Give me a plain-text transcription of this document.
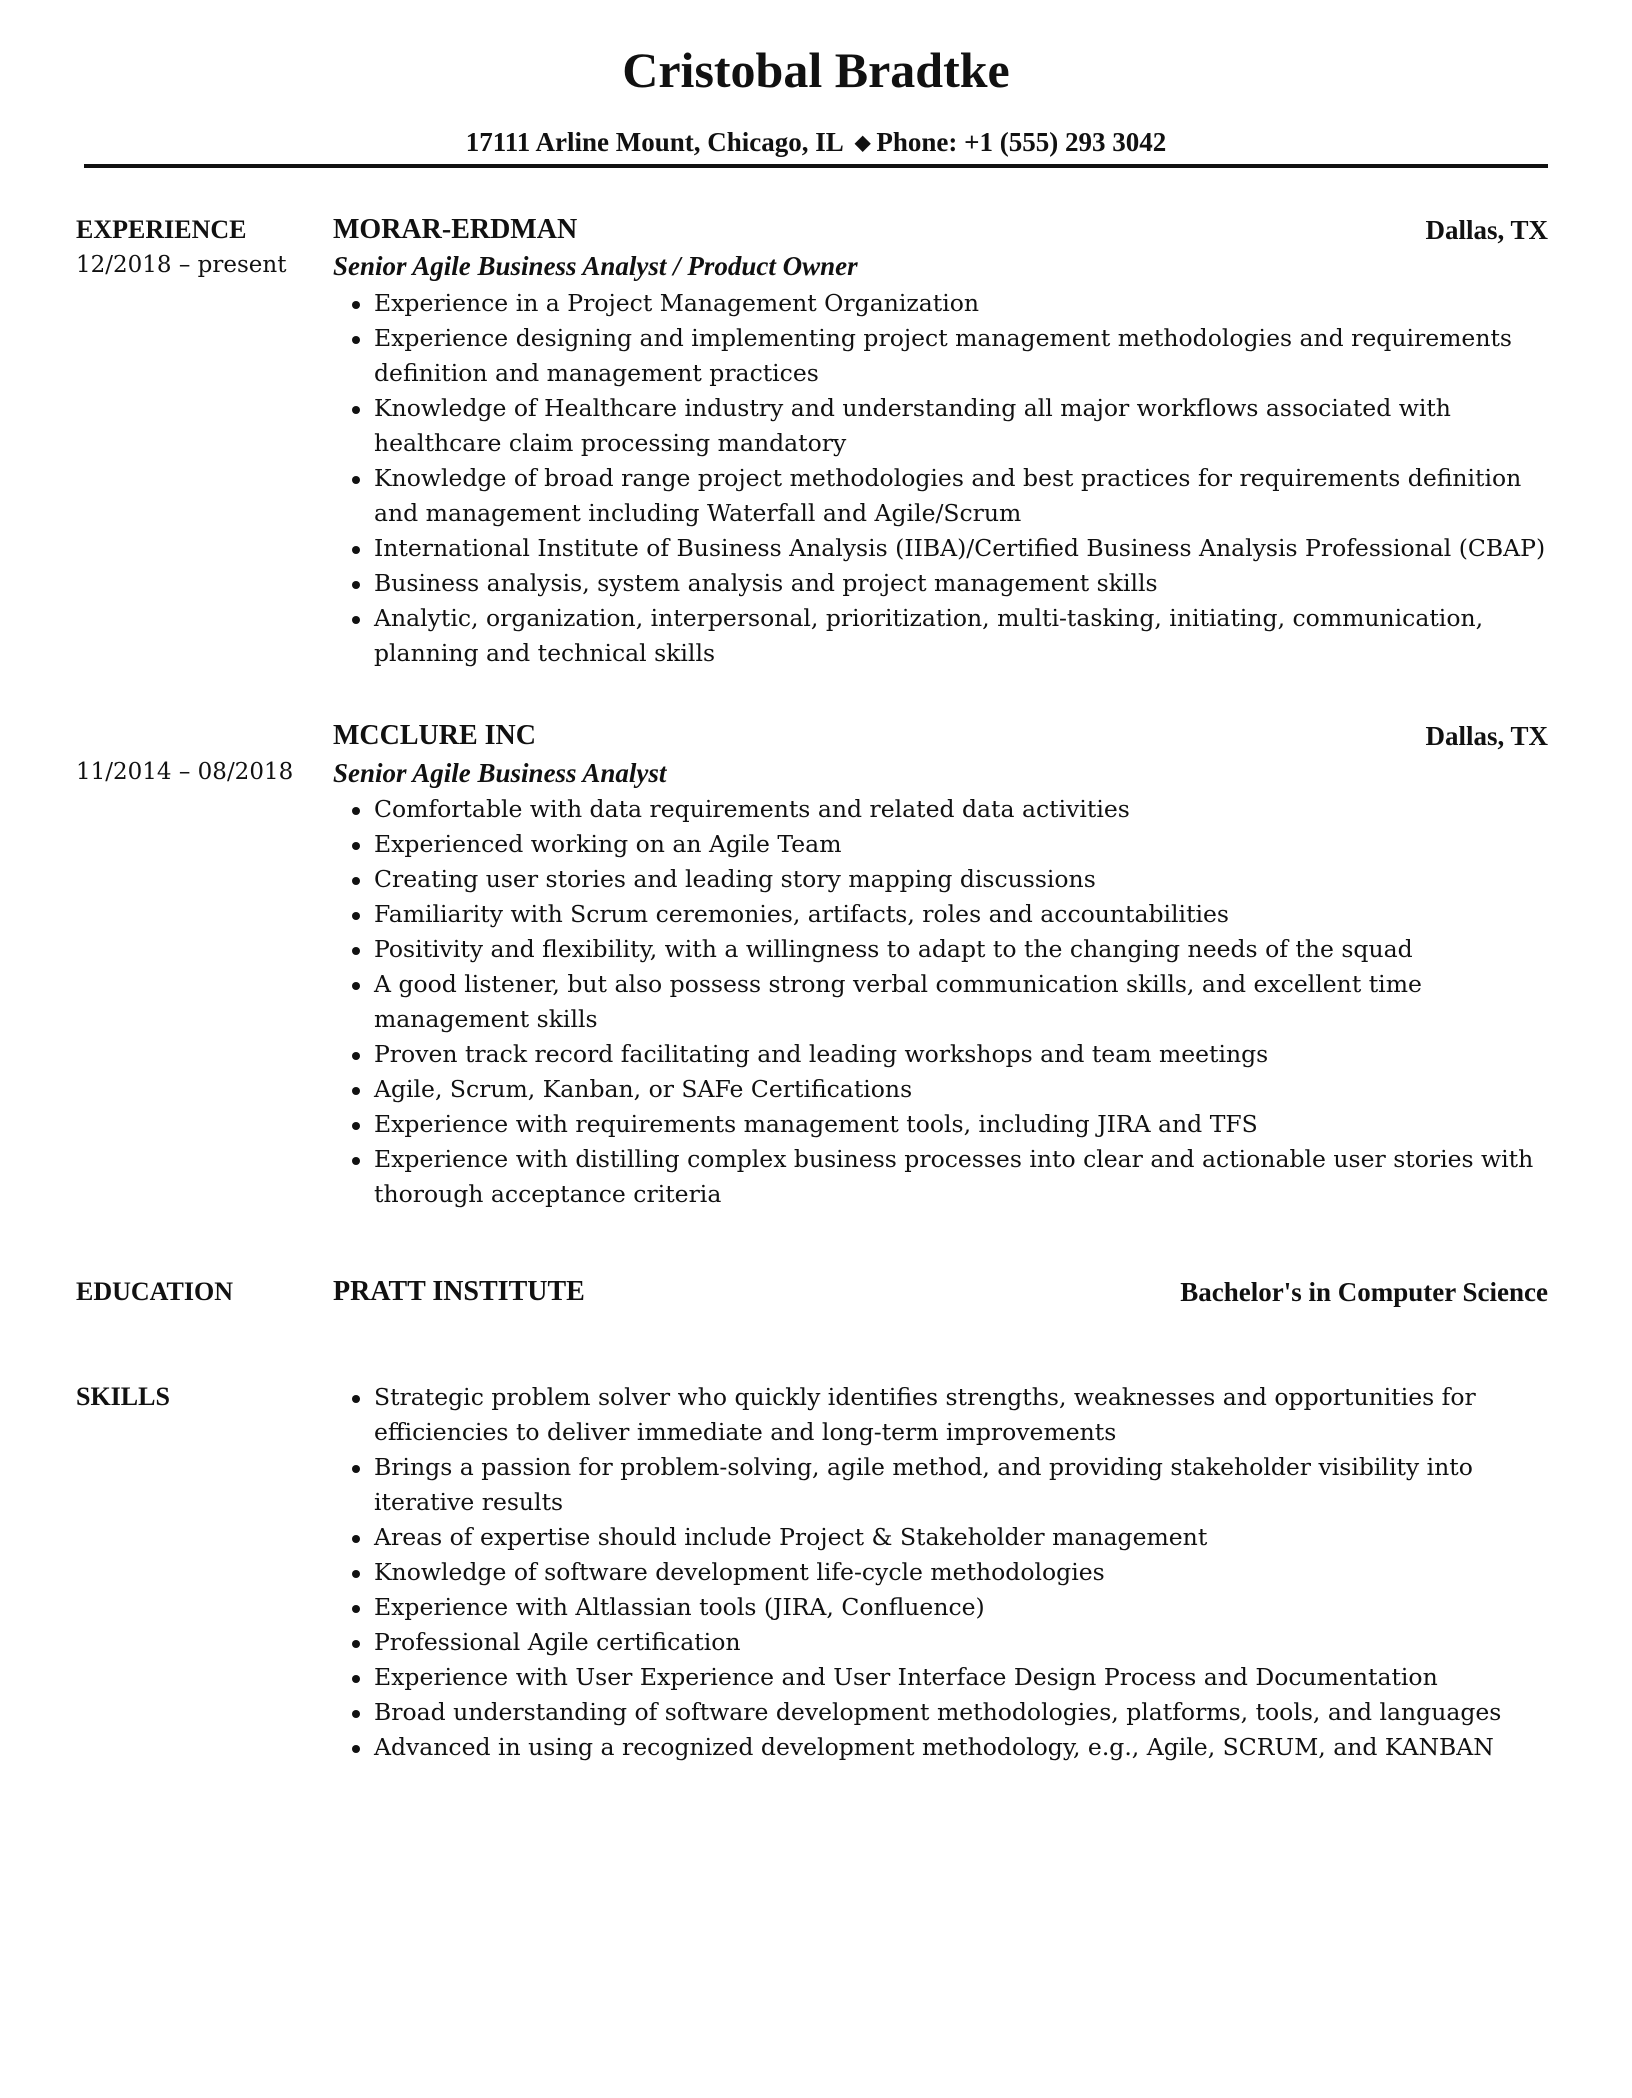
Cristobal Bradtke
17111 Arline Mount, Chicago, IL ◆ Phone: +1 (555) 293 3042
EXPERIENCE
12/2018 – present
MORAR-ERDMAN	Dallas, TX
Senior Agile Business Analyst / Product Owner
Experience in a Project Management Organization
Experience designing and implementing project management methodologies and requirements definition and management practices
Knowledge of Healthcare industry and understanding all major workflows associated with healthcare claim processing mandatory
Knowledge of broad range project methodologies and best practices for requirements definition and management including Waterfall and Agile/Scrum
International Institute of Business Analysis (IIBA)/Certified Business Analysis Professional (CBAP)
Business analysis, system analysis and project management skills
Analytic, organization, interpersonal, prioritization, multi-tasking, initiating, communication, planning and technical skills
11/2014 – 08/2018
MCCLURE INC	Dallas, TX
Senior Agile Business Analyst
Comfortable with data requirements and related data activities
Experienced working on an Agile Team
Creating user stories and leading story mapping discussions
Familiarity with Scrum ceremonies, artifacts, roles and accountabilities
Positivity and flexibility, with a willingness to adapt to the changing needs of the squad
A good listener, but also possess strong verbal communication skills, and excellent time management skills
Proven track record facilitating and leading workshops and team meetings
Agile, Scrum, Kanban, or SAFe Certifications
Experience with requirements management tools, including JIRA and TFS
Experience with distilling complex business processes into clear and actionable user stories with thorough acceptance criteria
EDUCATION	PRATT INSTITUTE	Bachelor's in Computer Science
SKILLS	Strategic problem solver who quickly identifies strengths, weaknesses and opportunities for efficiencies to deliver immediate and long-term improvements
Brings a passion for problem-solving, agile method, and providing stakeholder visibility into iterative results
Areas of expertise should include Project & Stakeholder management
Knowledge of software development life-cycle methodologies
Experience with Altlassian tools (JIRA, Confluence)
Professional Agile certification
Experience with User Experience and User Interface Design Process and Documentation
Broad understanding of software development methodologies, platforms, tools, and languages
Advanced in using a recognized development methodology, e.g., Agile, SCRUM, and KANBAN
